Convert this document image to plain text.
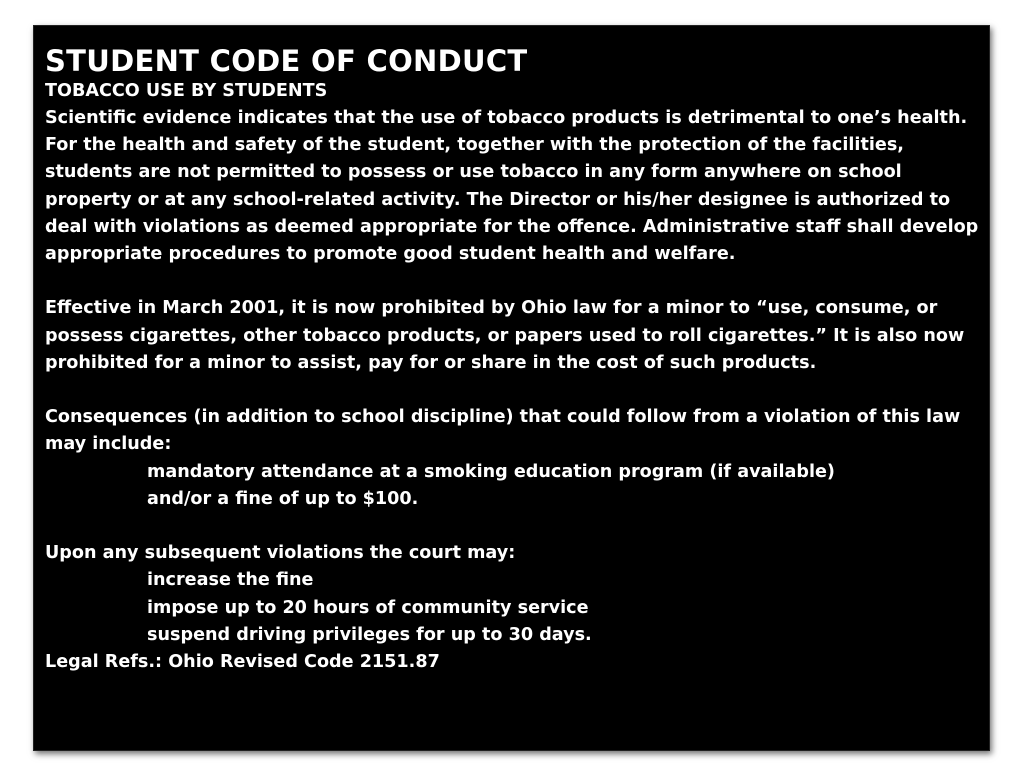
STUDENT CODE OF CONDUCT

TOBACCO USE BY STUDENTS

Scientific evidence indicates that the use of tobacco products is detrimental to one’s health. For the health and safety of the student, together with the protection of the facilities, students are not permitted to possess or use tobacco in any form anywhere on school property or at any school-related activity. The Director or his/her designee is authorized to deal with violations as deemed appropriate for the offence. Administrative staff shall develop appropriate procedures to promote good student health and welfare.

Effective in March 2001, it is now prohibited by Ohio law for a minor to “use, consume, or possess cigarettes, other tobacco products, or papers used to roll cigarettes.” It is also now prohibited for a minor to assist, pay for or share in the cost of such products.

Consequences (in addition to school discipline) that could follow from a violation of this law may include:

mandatory attendance at a smoking education program (if available)

and/or a fine of up to $100.

Upon any subsequent violations the court may:

increase the fine

impose up to 20 hours of community service

suspend driving privileges for up to 30 days.

Legal Refs.: Ohio Revised Code 2151.87
